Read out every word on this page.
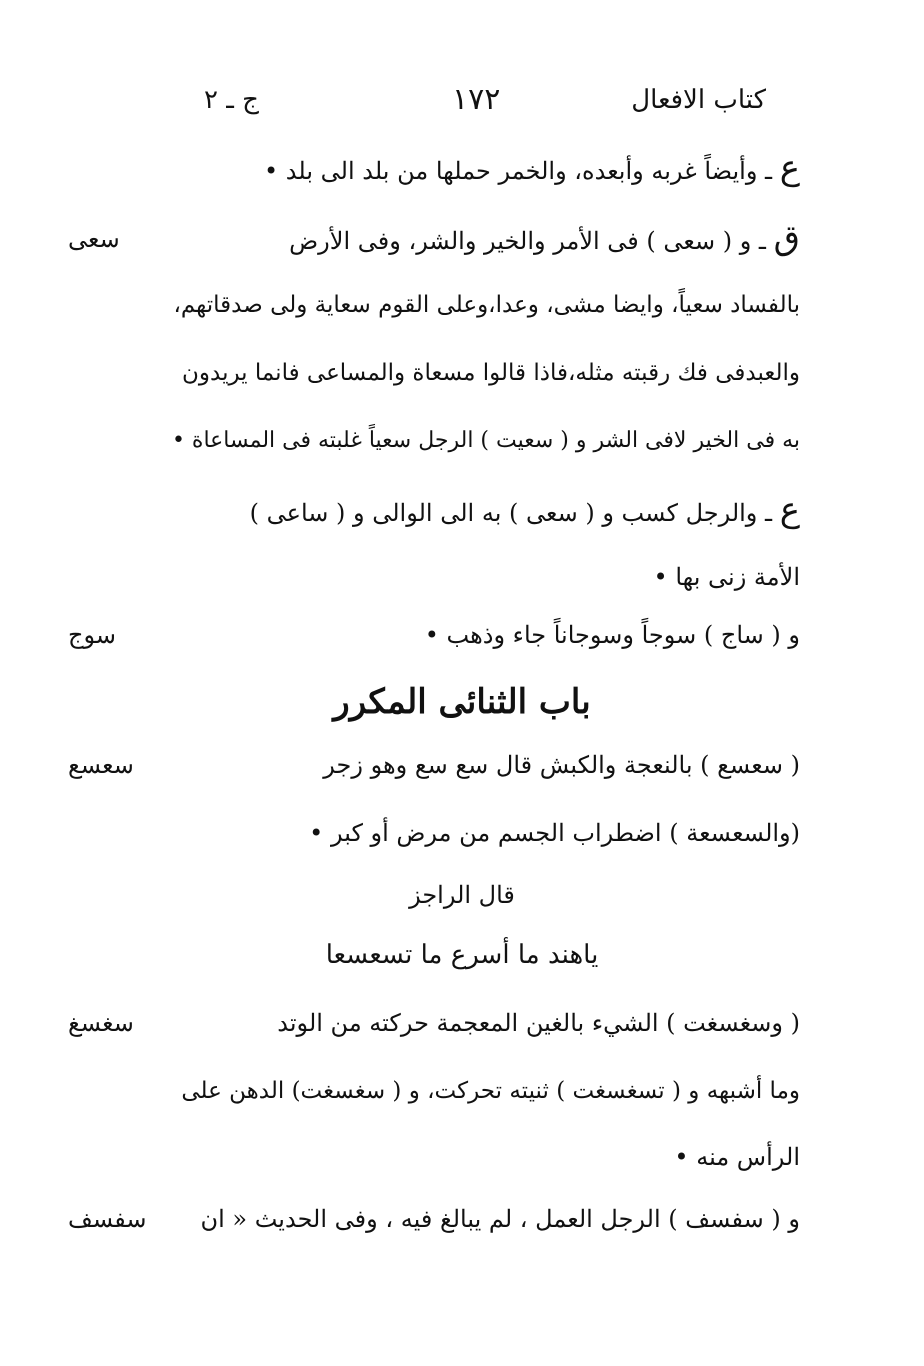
كتاب الافعال
١٧٢
ج ـ ٢
ع ـ وأيضاً غربه وأبعده، والخمر حملها من بلد الى بلد •
ق ـ و ( سعى ) فى الأمر والخير والشر، وفى الأرض
سعى
بالفساد سعياً، وايضا مشى، وعدا،وعلى القوم سعاية ولى صدقاتهم،
والعبدفى فك رقبته مثله،فاذا قالوا مسعاة والمساعى فانما يريدون
به فى الخير لافى الشر و ( سعيت ) الرجل سعياً غلبته فى المساعاة •
ع ـ والرجل كسب و ( سعى ) به الى الوالى و ( ساعى )
الأمة زنى بها •
و ( ساج ) سوجاً وسوجاناً جاء وذهب •
سوج
باب الثنائى المكرر
( سعسع ) بالنعجة والكبش قال سع سع وهو زجر
سعسع
(والسعسعة ) اضطراب الجسم من مرض أو كبر •
قال الراجز
ياهند ما أسرع ما تسعسعا
( وسغسغت ) الشيء بالغين المعجمة حركته من الوتد
سغسغ
وما أشبهه و ( تسغسغت ) ثنيته تحركت، و ( سغسغت) الدهن على
الرأس منه •
و ( سفسف ) الرجل العمل ، لم يبالغ فيه ، وفى الحديث « ان
سفسف
